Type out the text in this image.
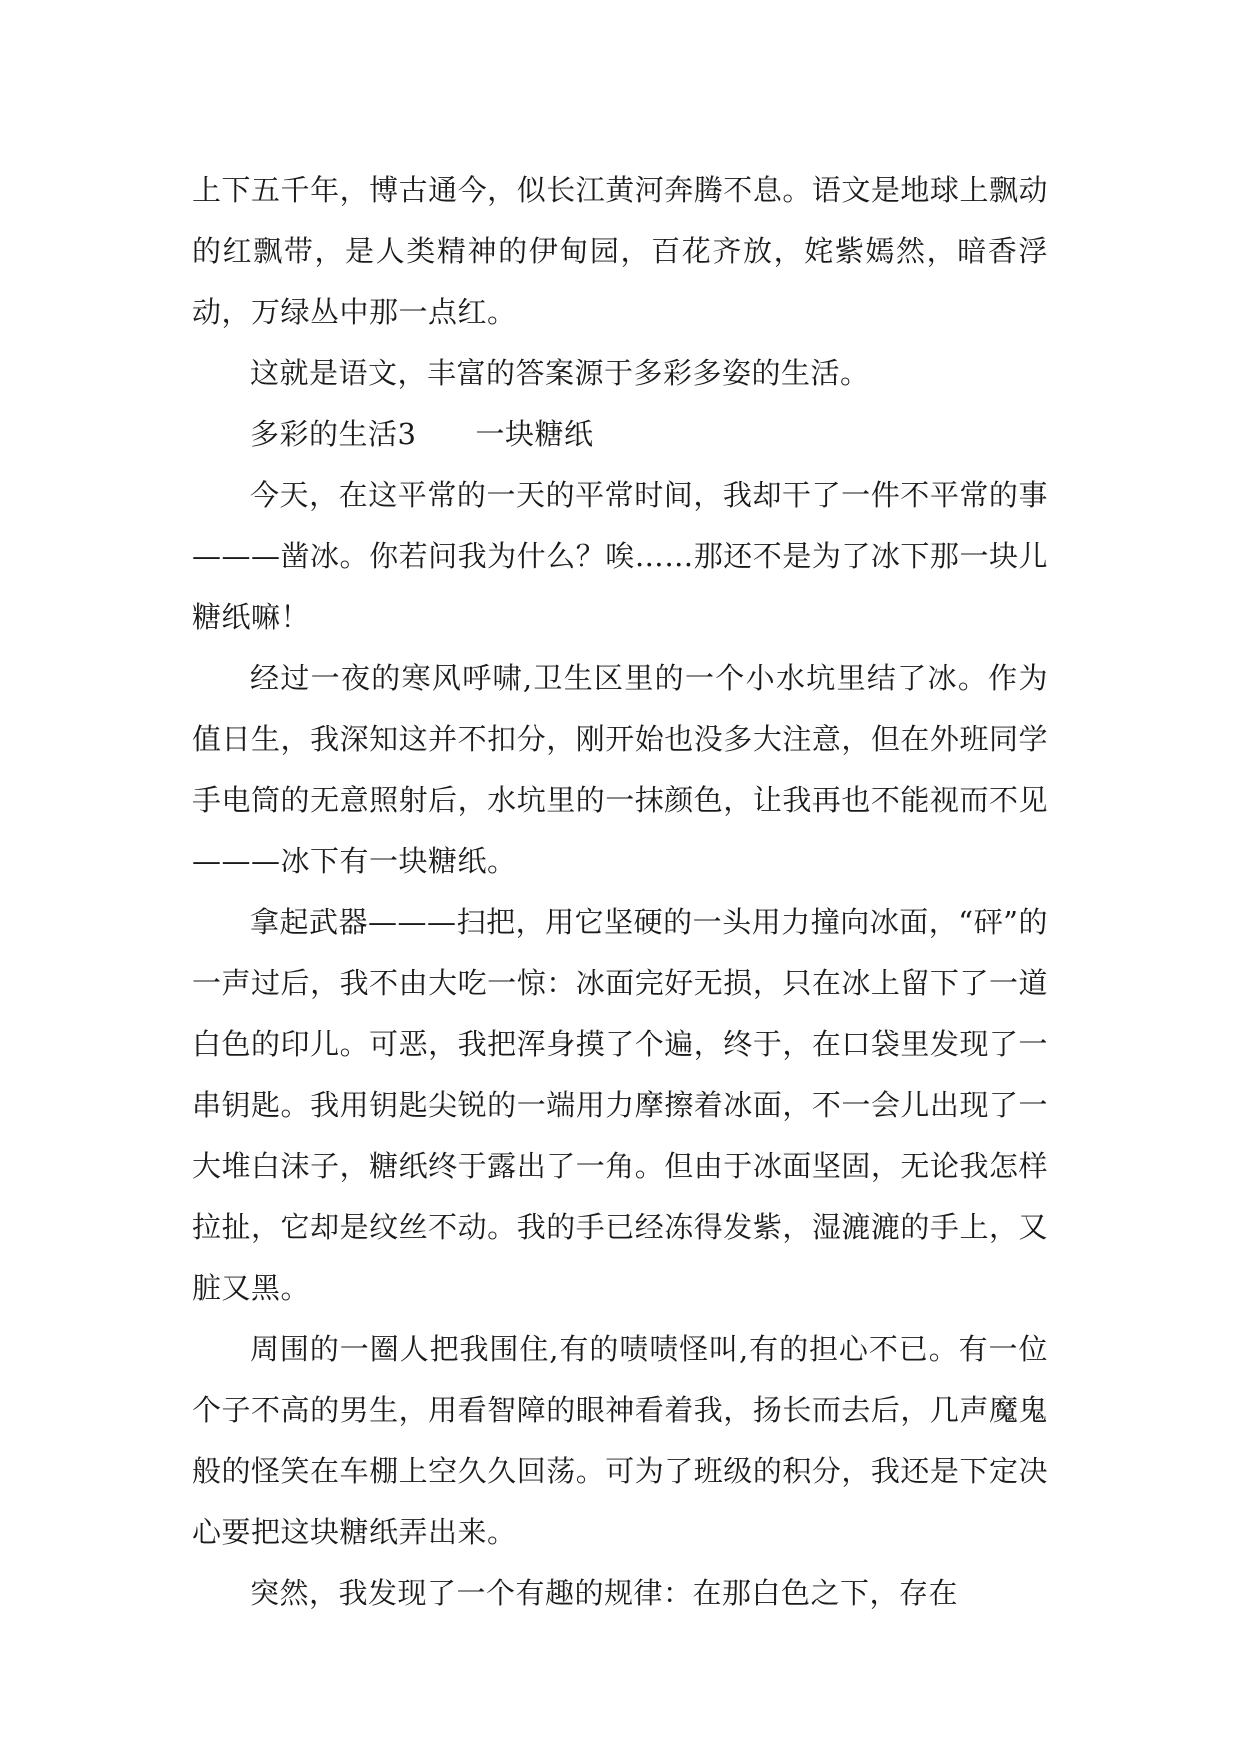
上下五千年，博古通今，似长江黄河奔腾不息。语文是地球上飘动的红飘带，是人类精神的伊甸园，百花齐放，姹紫嫣然，暗香浮动，万绿丛中那一点红。

这就是语文，丰富的答案源于多彩多姿的生活。

多彩的生活3　　一块糖纸

今天，在这平常的一天的平常时间，我却干了一件不平常的事———凿冰。你若问我为什么？唉……那还不是为了冰下那一块儿糖纸嘛！

经过一夜的寒风呼啸,卫生区里的一个小水坑里结了冰。作为值日生，我深知这并不扣分，刚开始也没多大注意，但在外班同学手电筒的无意照射后，水坑里的一抹颜色，让我再也不能视而不见———冰下有一块糖纸。

拿起武器———扫把，用它坚硬的一头用力撞向冰面，“砰”的一声过后，我不由大吃一惊：冰面完好无损，只在冰上留下了一道白色的印儿。可恶，我把浑身摸了个遍，终于，在口袋里发现了一串钥匙。我用钥匙尖锐的一端用力摩擦着冰面，不一会儿出现了一大堆白沫子，糖纸终于露出了一角。但由于冰面坚固，无论我怎样拉扯，它却是纹丝不动。我的手已经冻得发紫，湿漉漉的手上，又脏又黑。

周围的一圈人把我围住,有的啧啧怪叫,有的担心不已。有一位个子不高的男生，用看智障的眼神看着我，扬长而去后，几声魔鬼般的怪笑在车棚上空久久回荡。可为了班级的积分，我还是下定决心要把这块糖纸弄出来。

突然，我发现了一个有趣的规律：在那白色之下，存在
